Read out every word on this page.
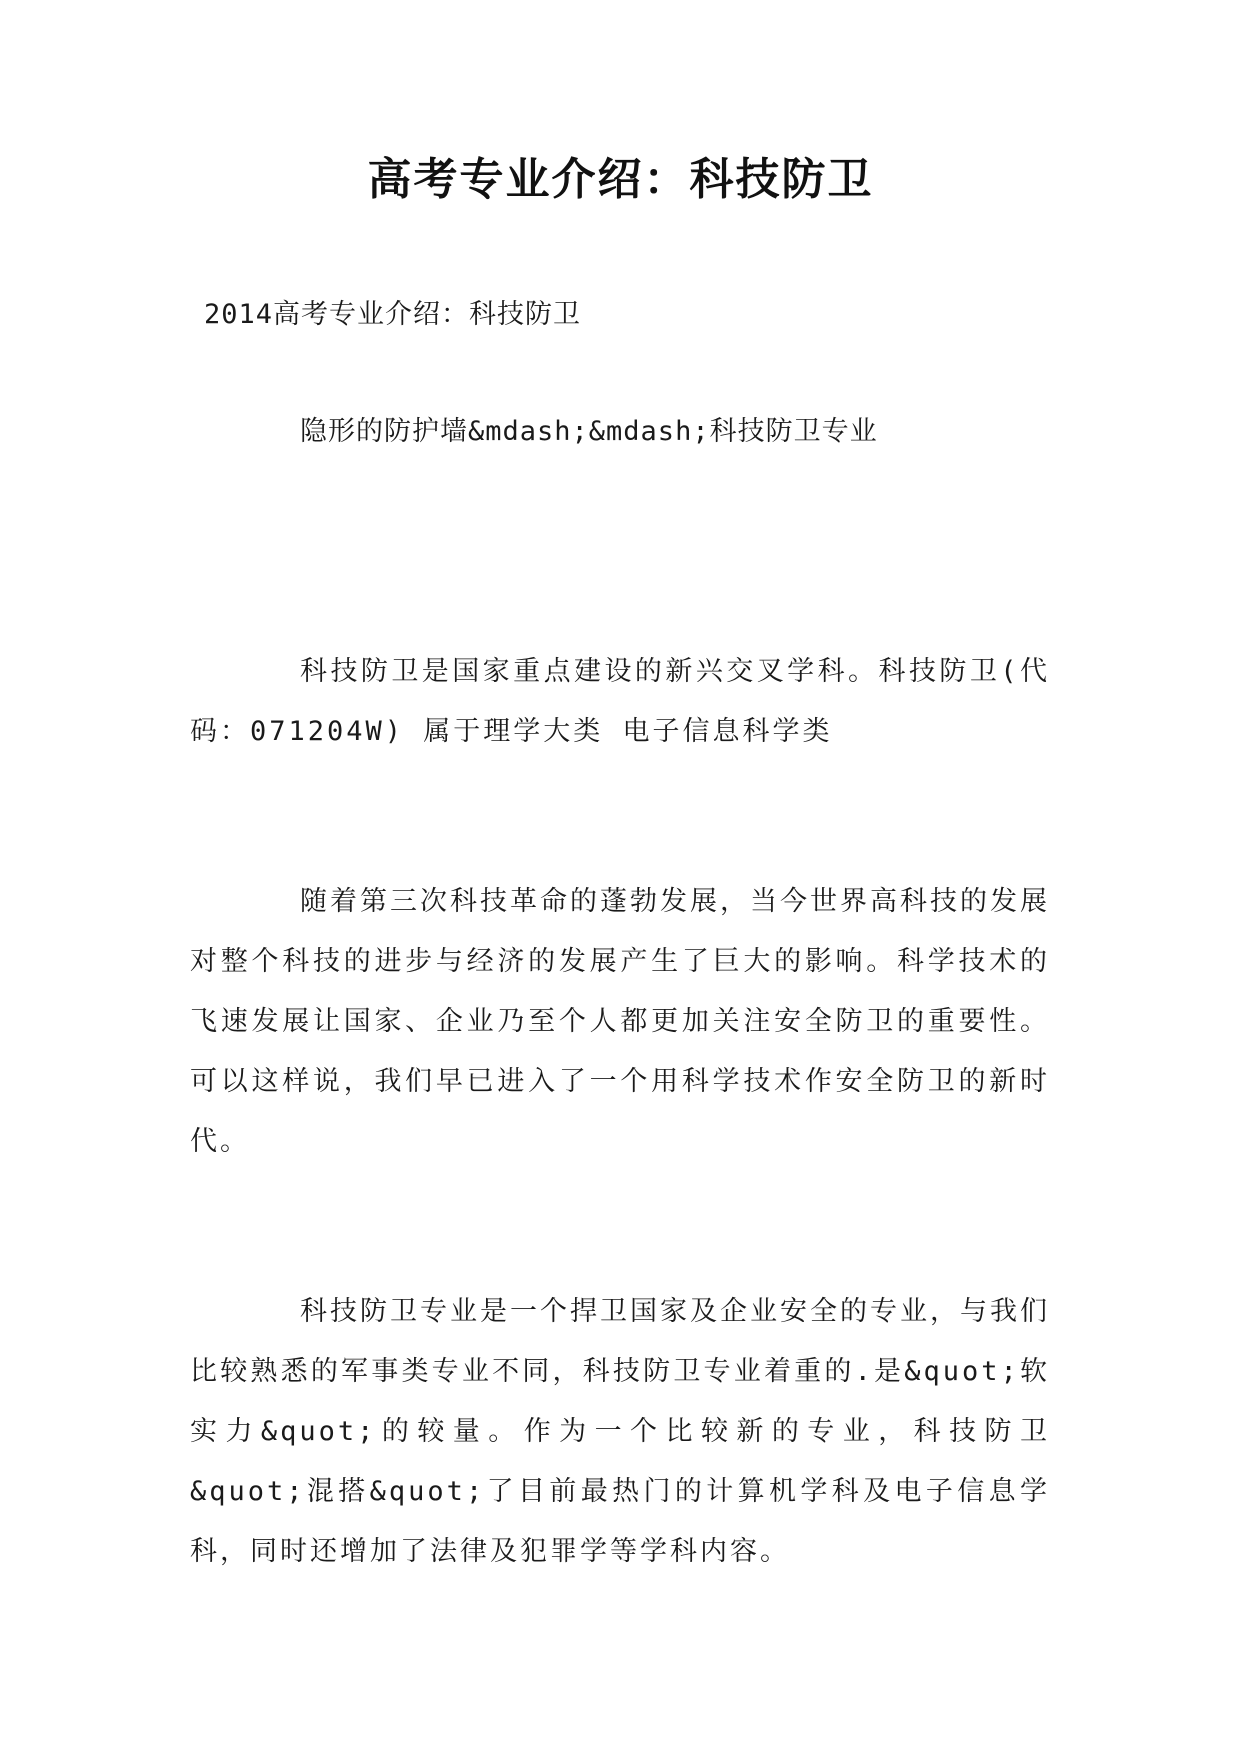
高考专业介绍：科技防卫
2014高考专业介绍：科技防卫
隐形的防护墙&mdash;&mdash;科技防卫专业

科技防卫是国家重点建设的新兴交叉学科。科技防卫(代码：071204W) 属于理学大类 电子信息科学类

随着第三次科技革命的蓬勃发展，当今世界高科技的发展对整个科技的进步与经济的发展产生了巨大的影响。科学技术的飞速发展让国家、企业乃至个人都更加关注安全防卫的重要性。可以这样说，我们早已进入了一个用科学技术作安全防卫的新时代。

科技防卫专业是一个捍卫国家及企业安全的专业，与我们比较熟悉的军事类专业不同，科技防卫专业着重的.是&quot;软实力&quot;的较量。作为一个比较新的专业，科技防卫&quot;混搭&quot;了目前最热门的计算机学科及电子信息学科，同时还增加了法律及犯罪学等学科内容。
